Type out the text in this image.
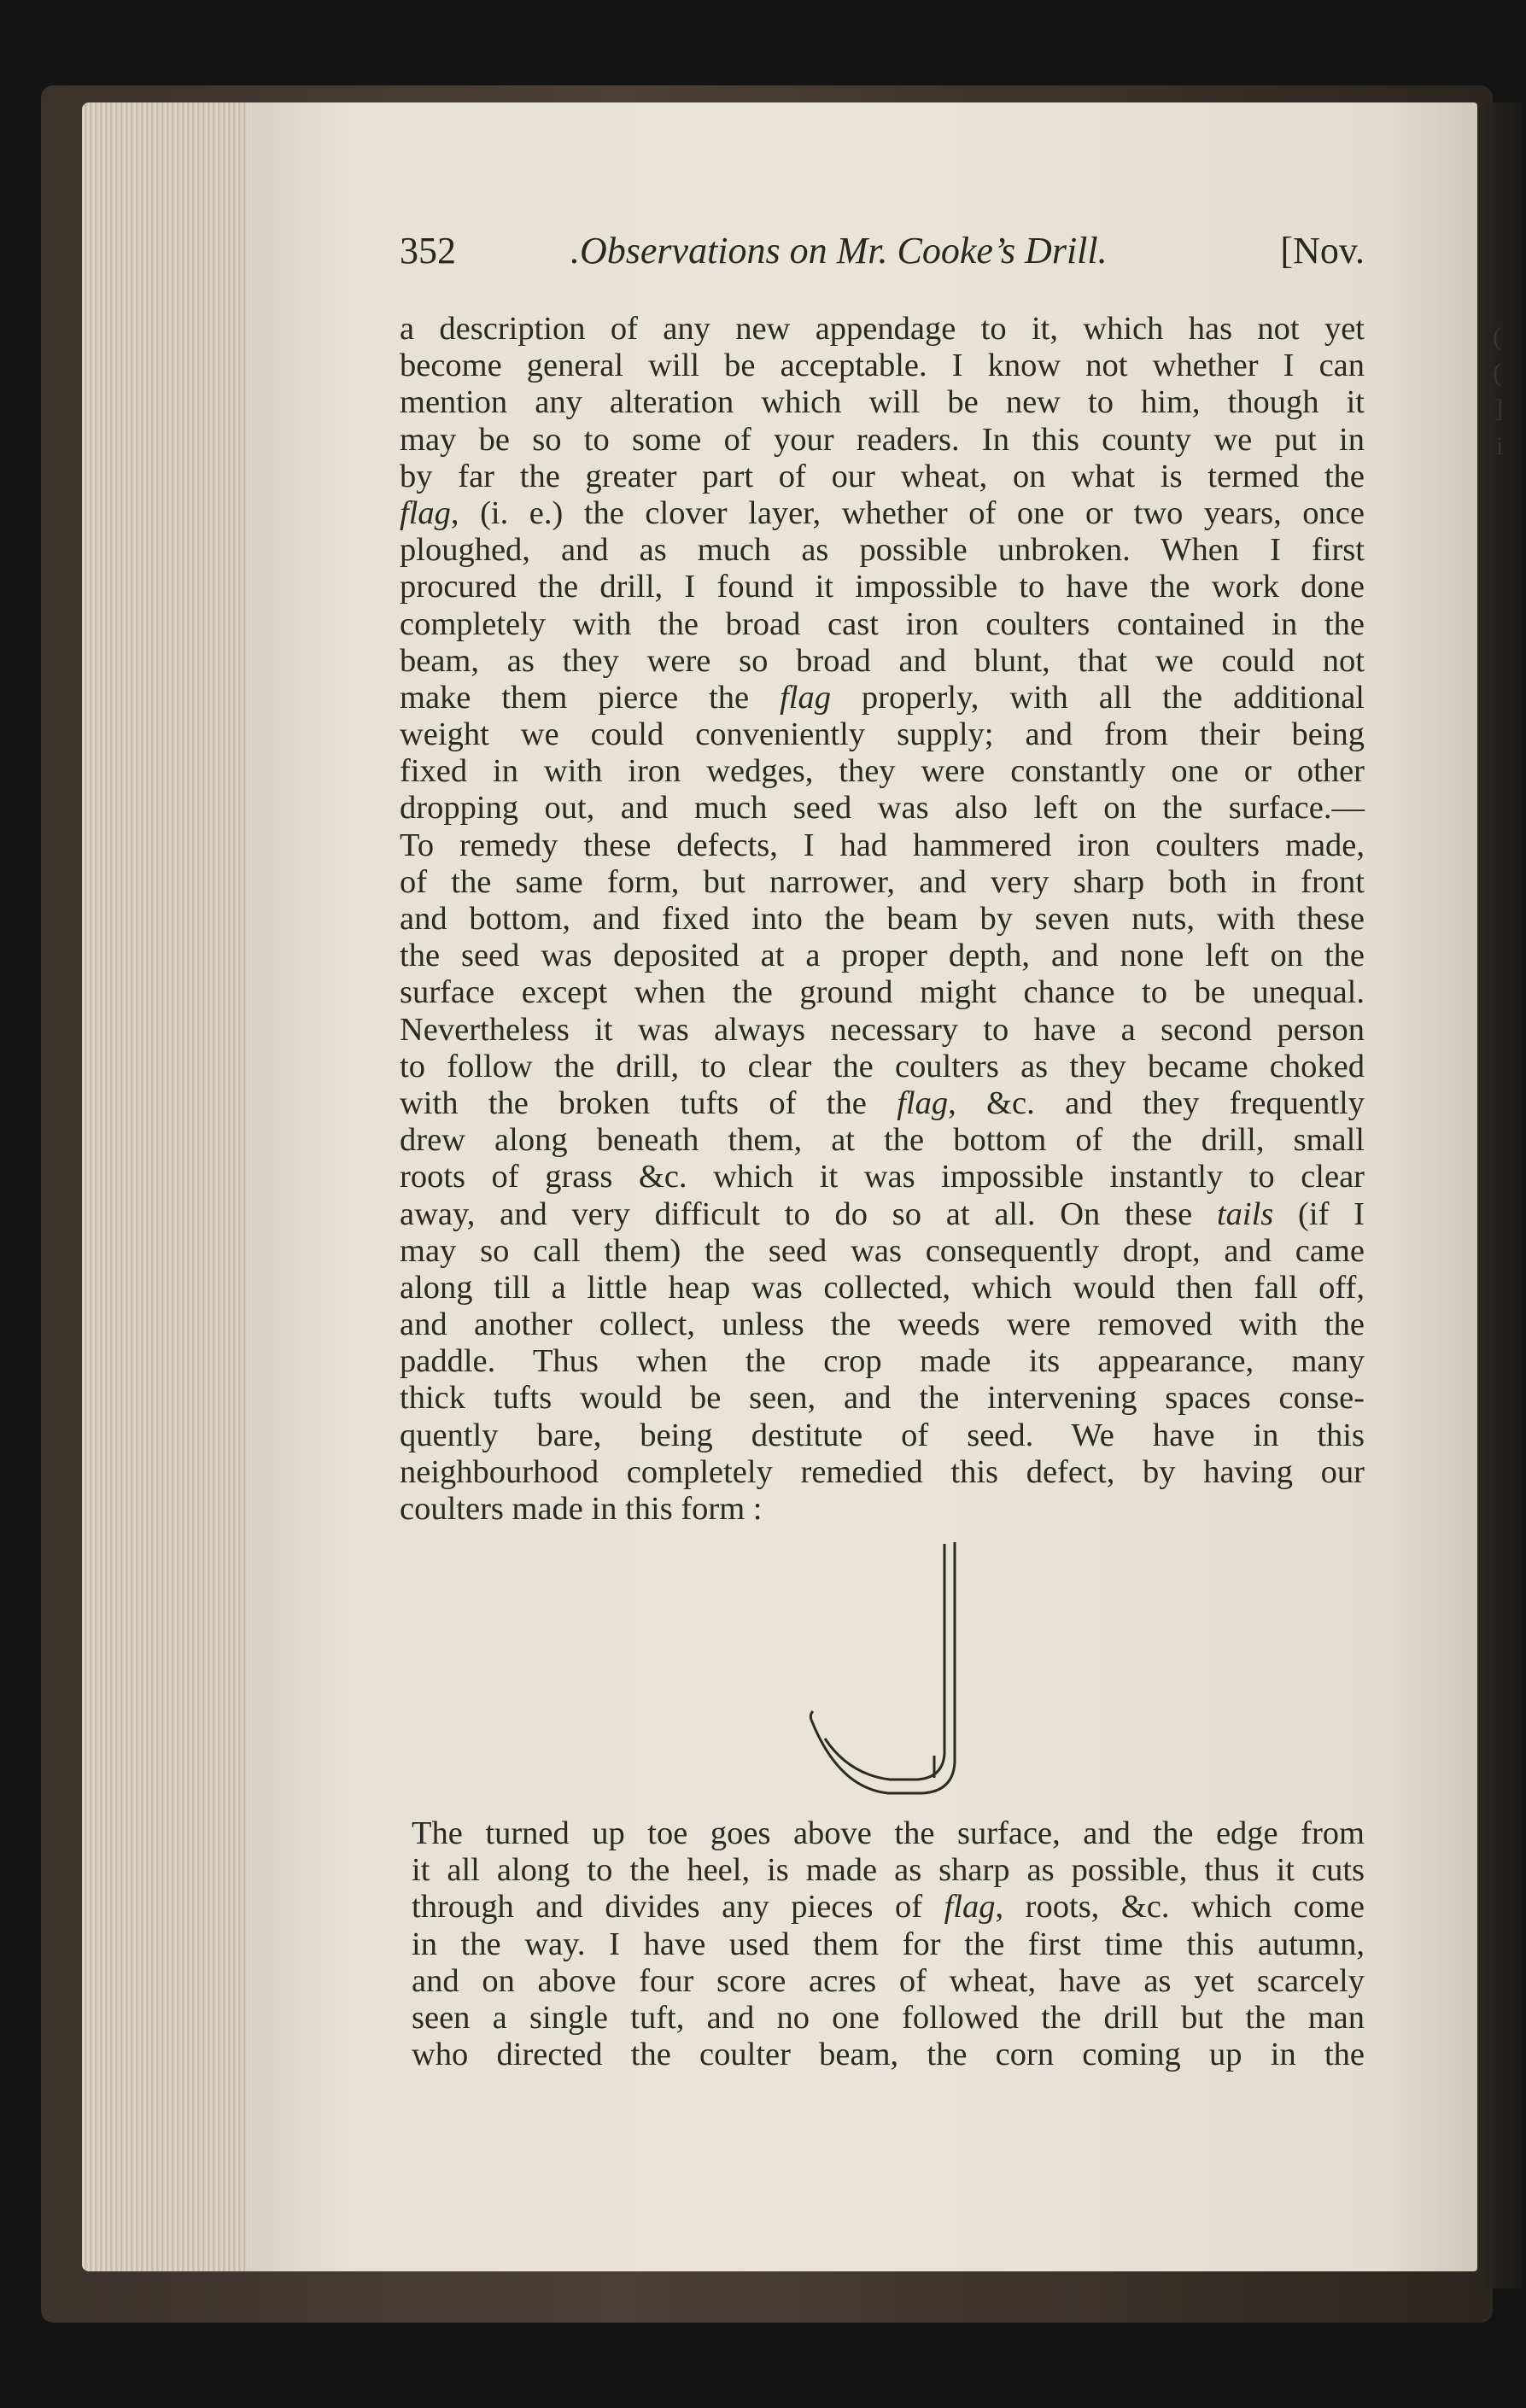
(
(
]
i
352	.Observations on Mr. Cooke’s Drill.	[Nov.
a description of any new appendage to it, which has not yet
become general will be acceptable. I know not whether I can
mention any alteration which will be new to him, though it
may be so to some of your readers. In this county we put in
by far the greater part of our wheat, on what is termed the
flag, (i. e.) the clover layer, whether of one or two years, once
ploughed, and as much as possible unbroken. When I first
procured the drill, I found it impossible to have the work done
completely with the broad cast iron coulters contained in the
beam, as they were so broad and blunt, that we could not
make them pierce the flag properly, with all the additional
weight we could conveniently supply; and from their being
fixed in with iron wedges, they were constantly one or other
dropping out, and much seed was also left on the surface.—
To remedy these defects, I had hammered iron coulters made,
of the same form, but narrower, and very sharp both in front
and bottom, and fixed into the beam by seven nuts, with these
the seed was deposited at a proper depth, and none left on the
surface except when the ground might chance to be unequal.
Nevertheless it was always necessary to have a second person
to follow the drill, to clear the coulters as they became choked
with the broken tufts of the flag, &c. and they frequently
drew along beneath them, at the bottom of the drill, small
roots of grass &c. which it was impossible instantly to clear
away, and very difficult to do so at all. On these tails (if I
may so call them) the seed was consequently dropt, and came
along till a little heap was collected, which would then fall off,
and another collect, unless the weeds were removed with the
paddle. Thus when the crop made its appearance, many
thick tufts would be seen, and the intervening spaces conse-
quently bare, being destitute of seed. We have in this
neighbourhood completely remedied this defect, by having our
coulters made in this form :
The turned up toe goes above the surface, and the edge from
it all along to the heel, is made as sharp as possible, thus it cuts
through and divides any pieces of flag, roots, &c. which come
in the way. I have used them for the first time this autumn,
and on above four score acres of wheat, have as yet scarcely
seen a single tuft, and no one followed the drill but the man
who directed the coulter beam, the corn coming up in the
